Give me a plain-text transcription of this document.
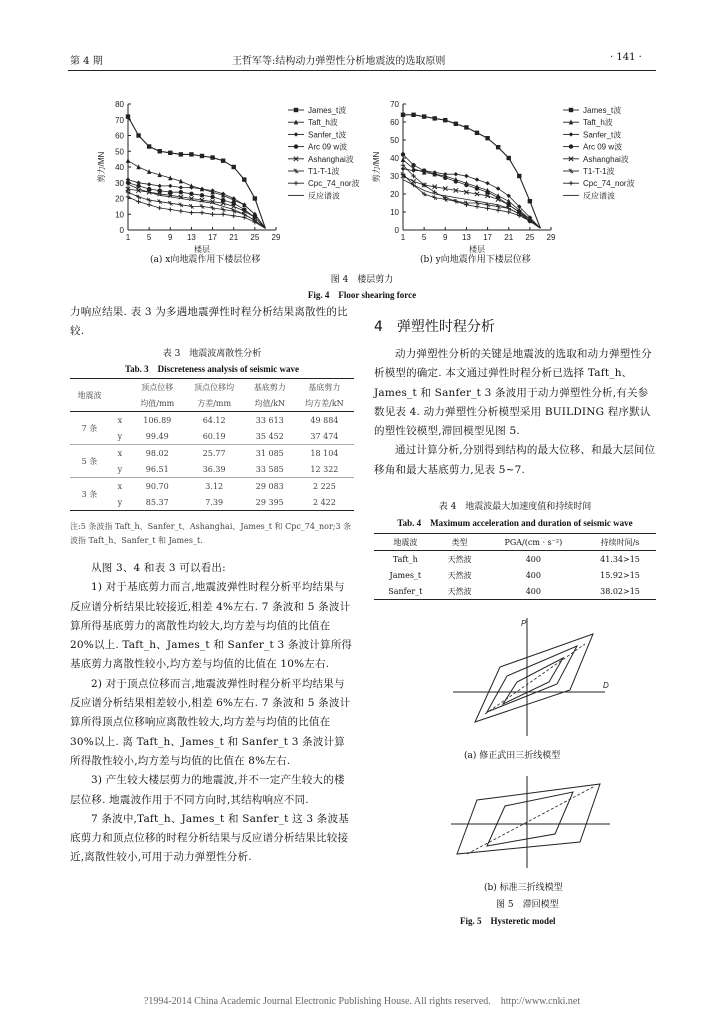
第 4 期	王哲军等:结构动力弹塑性分析地震波的选取原则	· 141 ·
0
10
20
30
40
50
60
70
80
1 5 9 13 17 21 25 29
楼层
剪力/MN
James_t波
Taft_h波
Sanfer_t波
Arc 09 w波
Ashanghai波
T1-T-1波
Cpc_74_nor波
反应谱波
0
10
20
30
40
50
60
70
1 5 9 13 17 21 25 29
楼层
剪力/MN
James_t波
Taft_h波
Sanfer_t波
Arc 09 w波
Ashanghai波
T1-T-1波
Cpc_74_nor波
反应谱波
(a) x向地震作用下楼层位移	(b) y向地震作用下楼层位移
图 4　楼层剪力
Fig. 4　Floor shearing force
力响应结果. 表 3 为多遇地震弹性时程分析结果离散性的比较.
表 3　地震波离散性分析
Tab. 3　Discreteness analysis of seismic wave
地震波		顶点位移	顶点位移均	基底剪力	基底剪力
		均值/mm	方差/mm	均值/kN	均方差/kN
7 条	x	106.89	64.12	33 613	49 884
	y	99.49	60.19	35 452	37 474
5 条	x	98.02	25.77	31 085	18 104
	y	96.51	36.39	33 585	12 322
3 条	x	90.70	3.12	29 083	2 225
	y	85.37	7.39	29 395	2 422
注:5 条波指 Taft_h、Sanfer_t、Ashanghai、James_t 和 Cpc_74_nor;3 条波指 Taft_h、Sanfer_t 和 James_t.

从图 3、4 和表 3 可以看出:

1) 对于基底剪力而言,地震波弹性时程分析平均结果与反应谱分析结果比较接近,相差 4%左右. 7 条波和 5 条波计算所得基底剪力的离散性均较大,均方差与均值的比值在 20%以上. Taft_h、James_t 和 Sanfer_t 3 条波计算所得基底剪力离散性较小,均方差与均值的比值在 10%左右.

2) 对于顶点位移而言,地震波弹性时程分析平均结果与反应谱分析结果相差较小,相差 6%左右. 7 条波和 5 条波计算所得顶点位移响应离散性较大,均方差与均值的比值在 30%以上. 离 Taft_h、James_t 和 Sanfer_t 3 条波计算所得散性较小,均方差与均值的比值在 8%左右.

3) 产生较大楼层剪力的地震波,并不一定产生较大的楼层位移. 地震波作用于不同方向时,其结构响应不同.

7 条波中,Taft_h、James_t 和 Sanfer_t 这 3 条波基底剪力和顶点位移的时程分析结果与反应谱分析结果比较接近,离散性较小,可用于动力弹塑性分析.

4　弹塑性时程分析

动力弹塑性分析的关键是地震波的选取和动力弹塑性分析模型的确定. 本文通过弹性时程分析已选择 Taft_h、James_t 和 Sanfer_t 3 条波用于动力弹塑性分析,有关参数见表 4. 动力弹塑性分析模型采用 BUILDING 程序默认的塑性铰模型,滞回模型见图 5.

通过计算分析,分别得到结构的最大位移、和最大层间位移角和最大基底剪力,见表 5~7.

表 4　地震波最大加速度值和持续时间
Tab. 4　Maximum acceleration and duration of seismic wave
地震波	类型	PGA/(cm · s⁻²)	持续时间/s
Taft_h	天然波	400	41.34>15
James_t	天然波	400	15.92>15
Sanfer_t	天然波	400	38.02>15
P
D
(a) 修正武田三折线模型
(b) 标准三折线模型
图 5　滞回模型
Fig. 5　Hysteretic model
?1994-2014 China Academic Journal Electronic Publishing House. All rights reserved.　http://www.cnki.net
